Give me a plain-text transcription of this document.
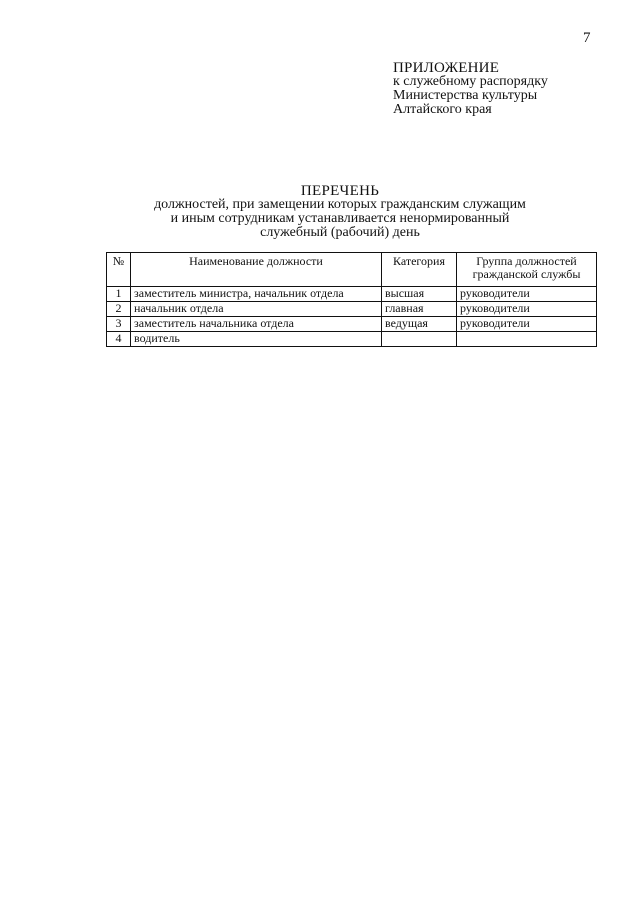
7
ПРИЛОЖЕНИЕ
к служебному распорядку
Министерства культуры
Алтайского края
ПЕРЕЧЕНЬ
должностей, при замещении которых гражданским служащим
и иным сотрудникам устанавливается ненормированный
служебный (рабочий) день
№	Наименование должности	Категория	Группа должностей гражданской службы
1	заместитель министра, начальник отдела	высшая	руководители
2	начальник отдела	главная	руководители
3	заместитель начальника отдела	ведущая	руководители
4	водитель		
